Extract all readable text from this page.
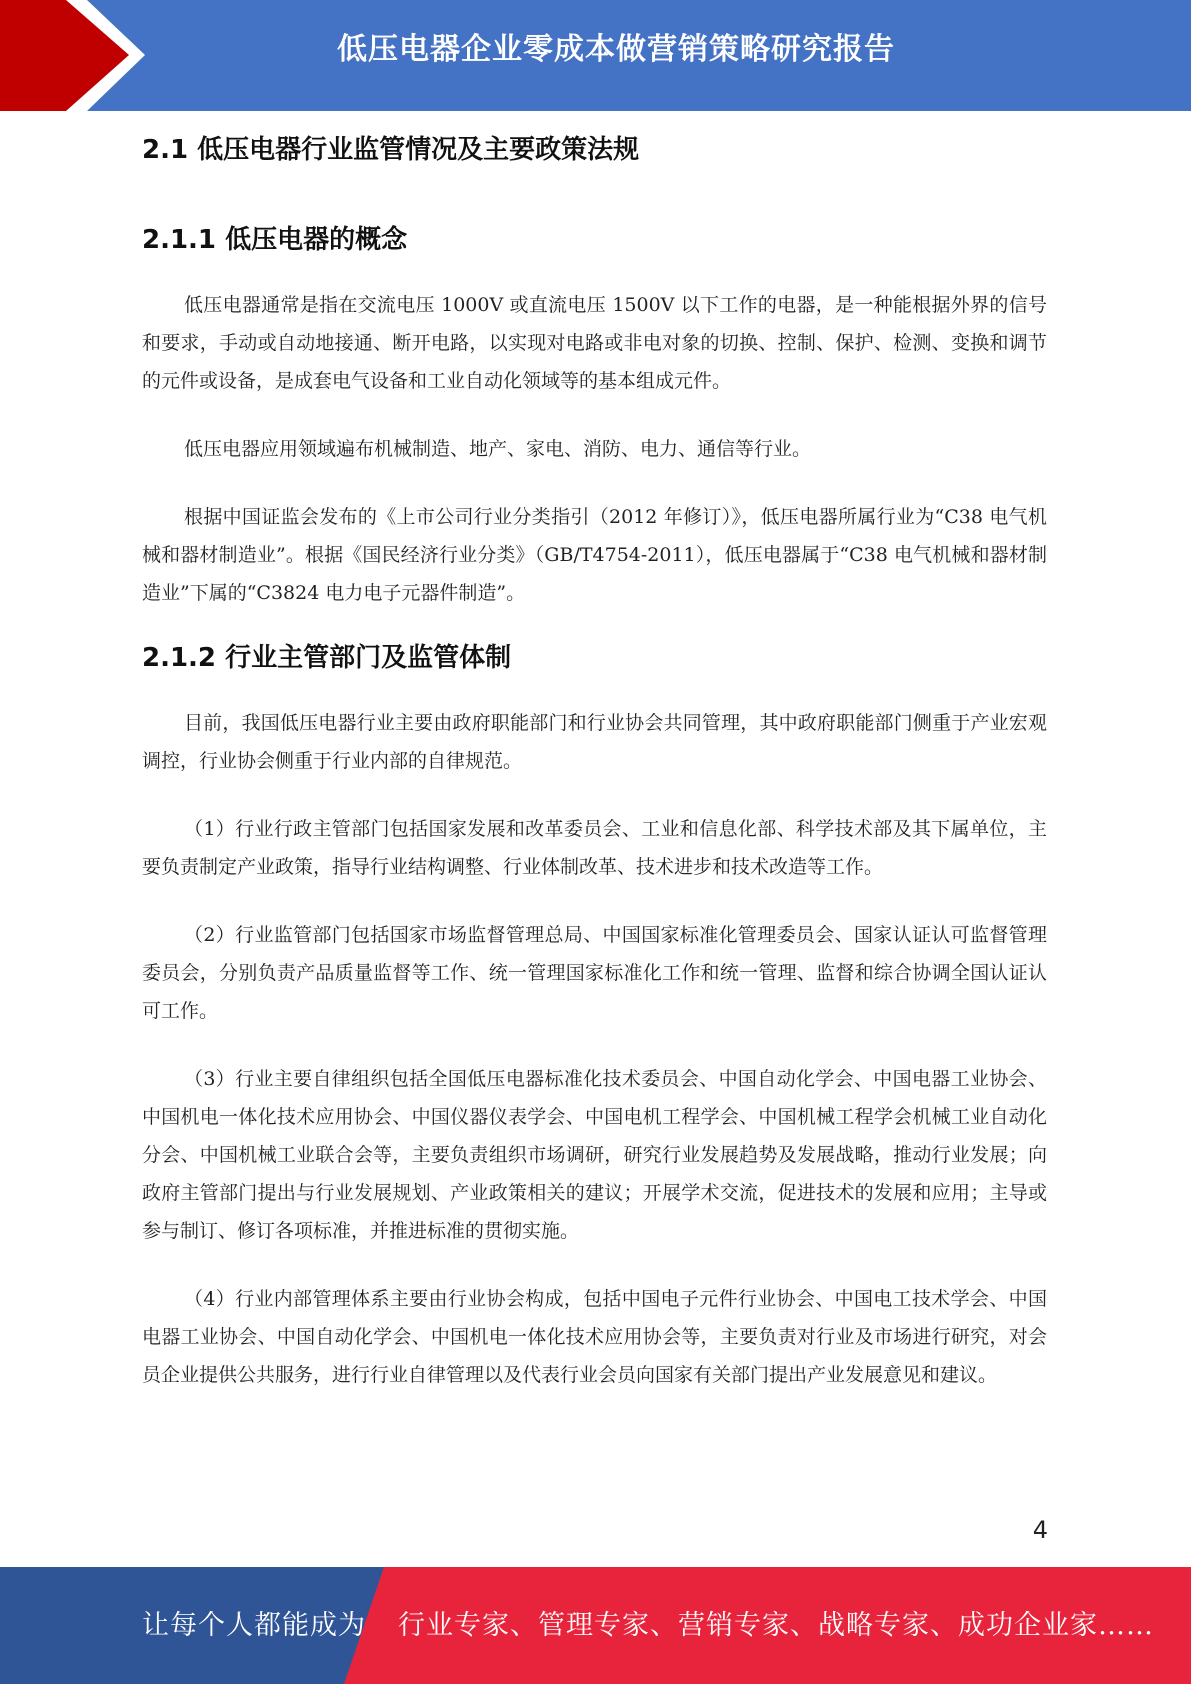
低压电器企业零成本做营销策略研究报告
2.1 低压电器行业监管情况及主要政策法规
2.1.1 低压电器的概念

低压电器通常是指在交流电压 1000V 或直流电压 1500V 以下工作的电器，是一种能根据外界的信号和要求，手动或自动地接通、断开电路，以实现对电路或非电对象的切换、控制、保护、检测、变换和调节的元件或设备，是成套电气设备和工业自动化领域等的基本组成元件。

低压电器应用领域遍布机械制造、地产、家电、消防、电力、通信等行业。

根据中国证监会发布的《上市公司行业分类指引（2012 年修订）》，低压电器所属行业为“C38 电气机械和器材制造业”。根据《国民经济行业分类》（GB/T4754-2011），低压电器属于“C38 电气机械和器材制造业”下属的“C3824 电力电子元器件制造”。

2.1.2 行业主管部门及监管体制

目前，我国低压电器行业主要由政府职能部门和行业协会共同管理，其中政府职能部门侧重于产业宏观调控，行业协会侧重于行业内部的自律规范。

（1）行业行政主管部门包括国家发展和改革委员会、工业和信息化部、科学技术部及其下属单位，主要负责制定产业政策，指导行业结构调整、行业体制改革、技术进步和技术改造等工作。

（2）行业监管部门包括国家市场监督管理总局、中国国家标准化管理委员会、国家认证认可监督管理委员会，分别负责产品质量监督等工作、统一管理国家标准化工作和统一管理、监督和综合协调全国认证认可工作。

（3）行业主要自律组织包括全国低压电器标准化技术委员会、中国自动化学会、中国电器工业协会、中国机电一体化技术应用协会、中国仪器仪表学会、中国电机工程学会、中国机械工程学会机械工业自动化分会、中国机械工业联合会等，主要负责组织市场调研，研究行业发展趋势及发展战略，推动行业发展；向政府主管部门提出与行业发展规划、产业政策相关的建议；开展学术交流，促进技术的发展和应用；主导或参与制订、修订各项标准，并推进标准的贯彻实施。

（4）行业内部管理体系主要由行业协会构成，包括中国电子元件行业协会、中国电工技术学会、中国电器工业协会、中国自动化学会、中国机电一体化技术应用协会等，主要负责对行业及市场进行研究，对会员企业提供公共服务，进行行业自律管理以及代表行业会员向国家有关部门提出产业发展意见和建议。

4
让每个人都能成为 行业专家、管理专家、营销专家、战略专家、成功企业家……
